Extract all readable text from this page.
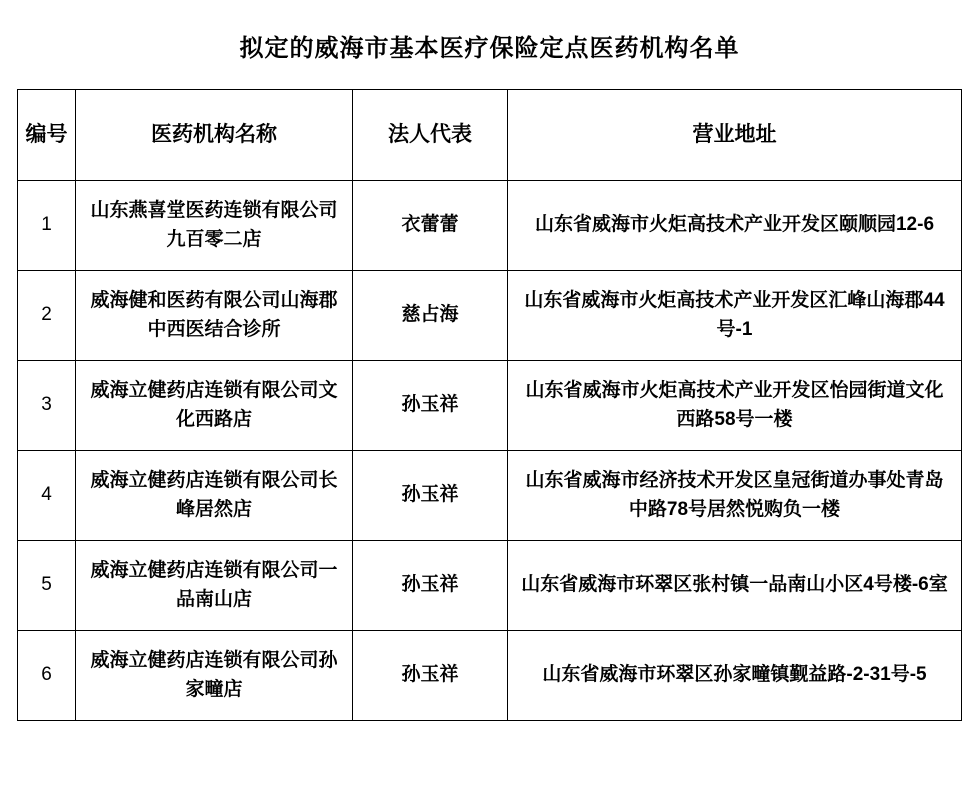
拟定的威海市基本医疗保险定点医药机构名单
编号	医药机构名称	法人代表	营业地址
1	山东燕喜堂医药连锁有限公司九百零二店	衣蕾蕾	山东省威海市火炬高技术产业开发区颐顺园12-6
2	威海健和医药有限公司山海郡中西医结合诊所	慈占海	山东省威海市火炬高技术产业开发区汇峰山海郡44号-1
3	威海立健药店连锁有限公司文化西路店	孙玉祥	山东省威海市火炬高技术产业开发区怡园街道文化西路58号一楼
4	威海立健药店连锁有限公司长峰居然店	孙玉祥	山东省威海市经济技术开发区皇冠街道办事处青岛中路78号居然悦购负一楼
5	威海立健药店连锁有限公司一品南山店	孙玉祥	山东省威海市环翠区张村镇一品南山小区4号楼-6室
6	威海立健药店连锁有限公司孙家疃店	孙玉祥	山东省威海市环翠区孙家疃镇觐益路-2-31号-5
